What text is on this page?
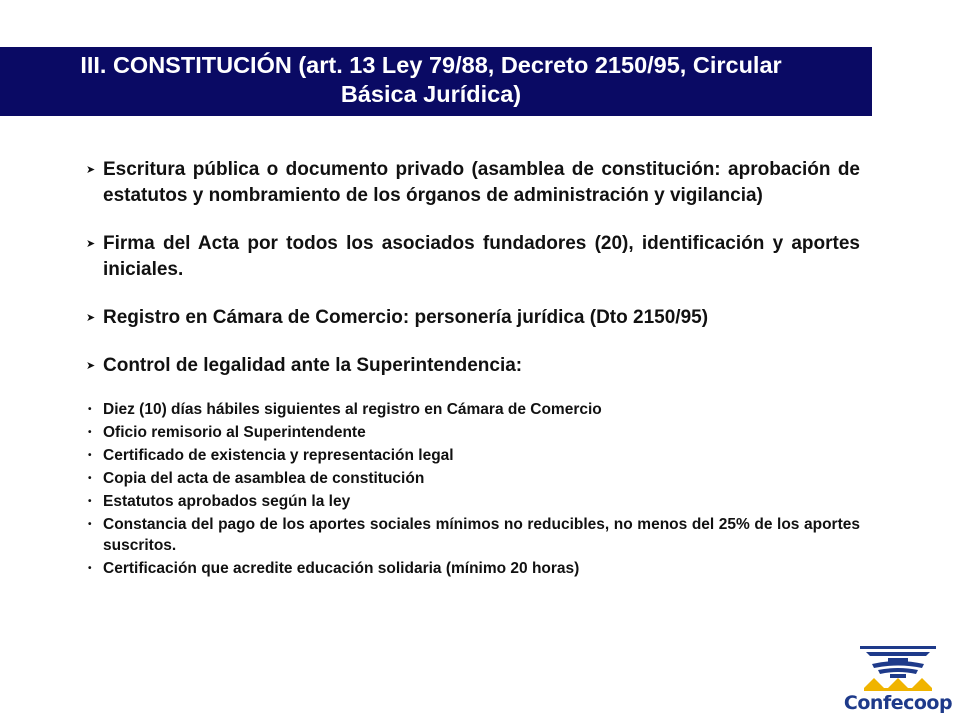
III. CONSTITUCIÓN (art. 13 Ley 79/88, Decreto 2150/95, Circular
Básica Jurídica)
➤ Escritura pública o documento privado (asamblea de constitución: aprobación de estatutos y nombramiento de los órganos de administración y vigilancia)
➤ Firma del Acta por todos los asociados fundadores (20), identificación y aportes iniciales.
➤ Registro en Cámara de Comercio: personería jurídica (Dto 2150/95)
➤ Control de legalidad ante la Superintendencia:
• Diez (10) días hábiles siguientes al registro en Cámara de Comercio
• Oficio remisorio al Superintendente
• Certificado de existencia y representación legal
• Copia del acta de asamblea de constitución
• Estatutos aprobados según la ley
• Constancia del pago de los aportes sociales mínimos no reducibles, no menos del 25% de los aportes suscritos.
• Certificación que acredite educación solidaria (mínimo 20 horas)
Confecoop
